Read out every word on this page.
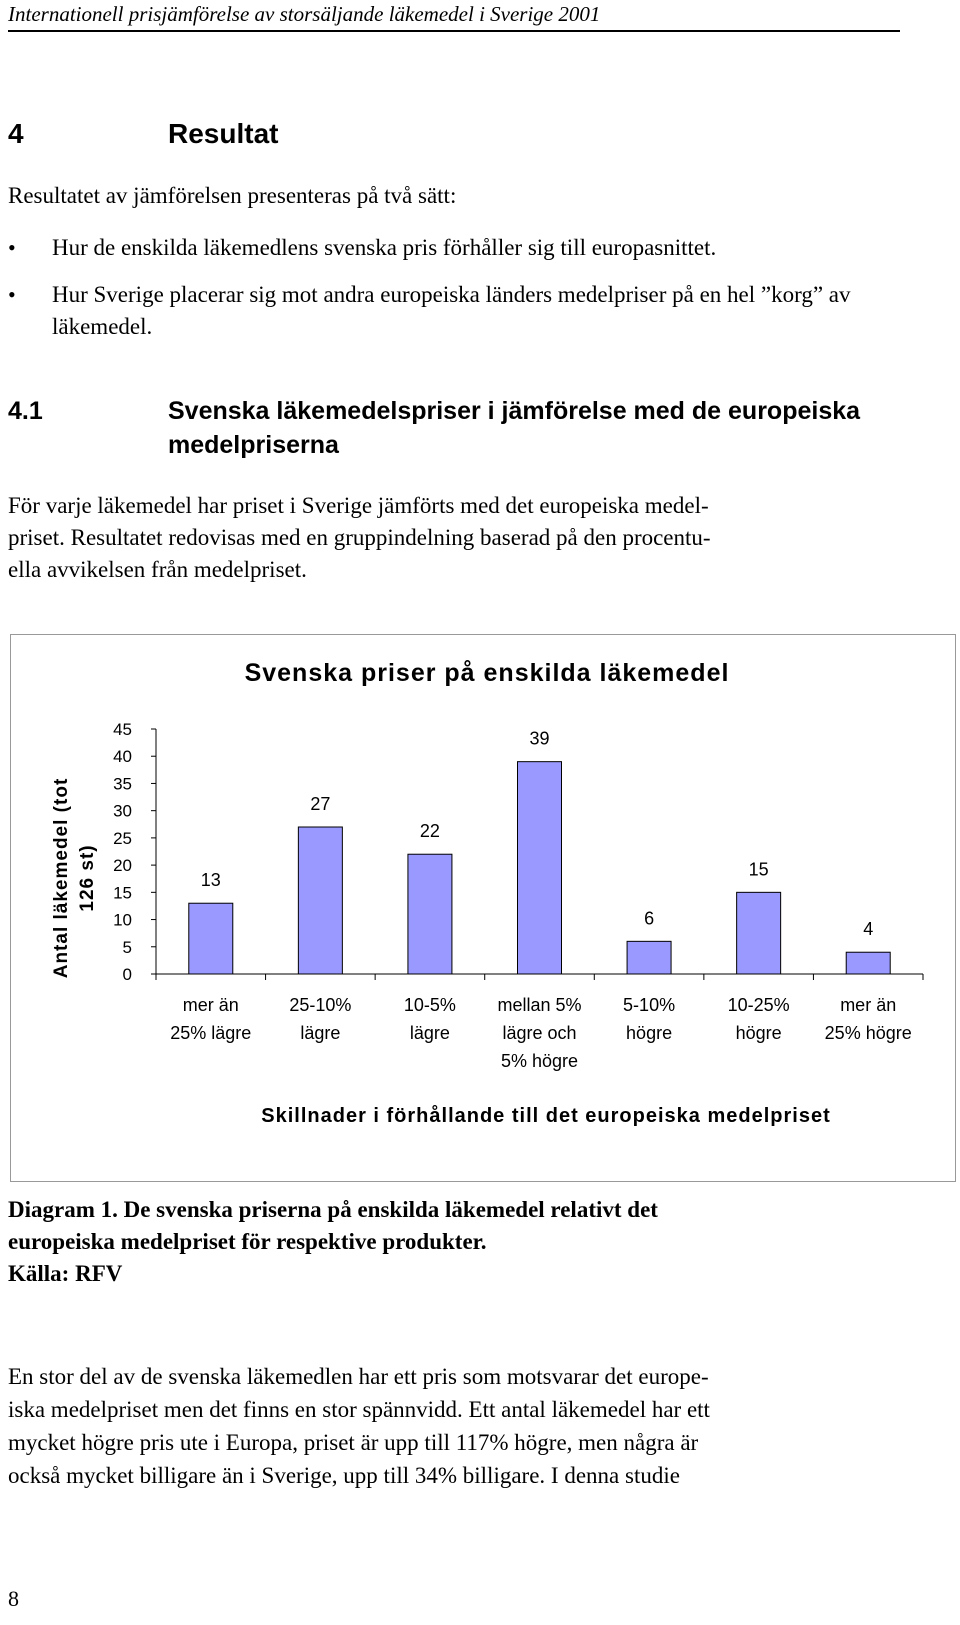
Internationell prisjämförelse av storsäljande läkemedel i Sverige 2001
4	Resultat
Resultatet av jämförelsen presenteras på två sätt:
• Hur de enskilda läkemedlens svenska pris förhåller sig till europasnittet.
• Hur Sverige placerar sig mot andra europeiska länders medelpriser på en hel ”korg” av läkemedel.
4.1	Svenska läkemedelspriser i jämförelse med de europeiska medelpriserna
För varje läkemedel har priset i Sverige jämförts med det europeiska medel-
priset. Resultatet redovisas med en gruppindelning baserad på den procentu-
ella avvikelsen från medelpriset.
Svenska priser på enskilda läkemedel
Antal läkemedel (tot 126 st)
Skillnader i förhållande till det europeiska medelpriset
0
5
10
15
20
25
30
35
40
45
13
mer än
25% lägre
27
25-10%
lägre
22
10-5%
lägre
39
mellan 5%
lägre och
5% högre
6
5-10%
högre
15
10-25%
högre
4
mer än
25% högre
Diagram 1. De svenska priserna på enskilda läkemedel relativt det
europeiska medelpriset för respektive produkter.
Källa: RFV
En stor del av de svenska läkemedlen har ett pris som motsvarar det europe-
iska medelpriset men det finns en stor spännvidd. Ett antal läkemedel har ett
mycket högre pris ute i Europa, priset är upp till 117% högre, men några är
också mycket billigare än i Sverige, upp till 34% billigare. I denna studie
8
